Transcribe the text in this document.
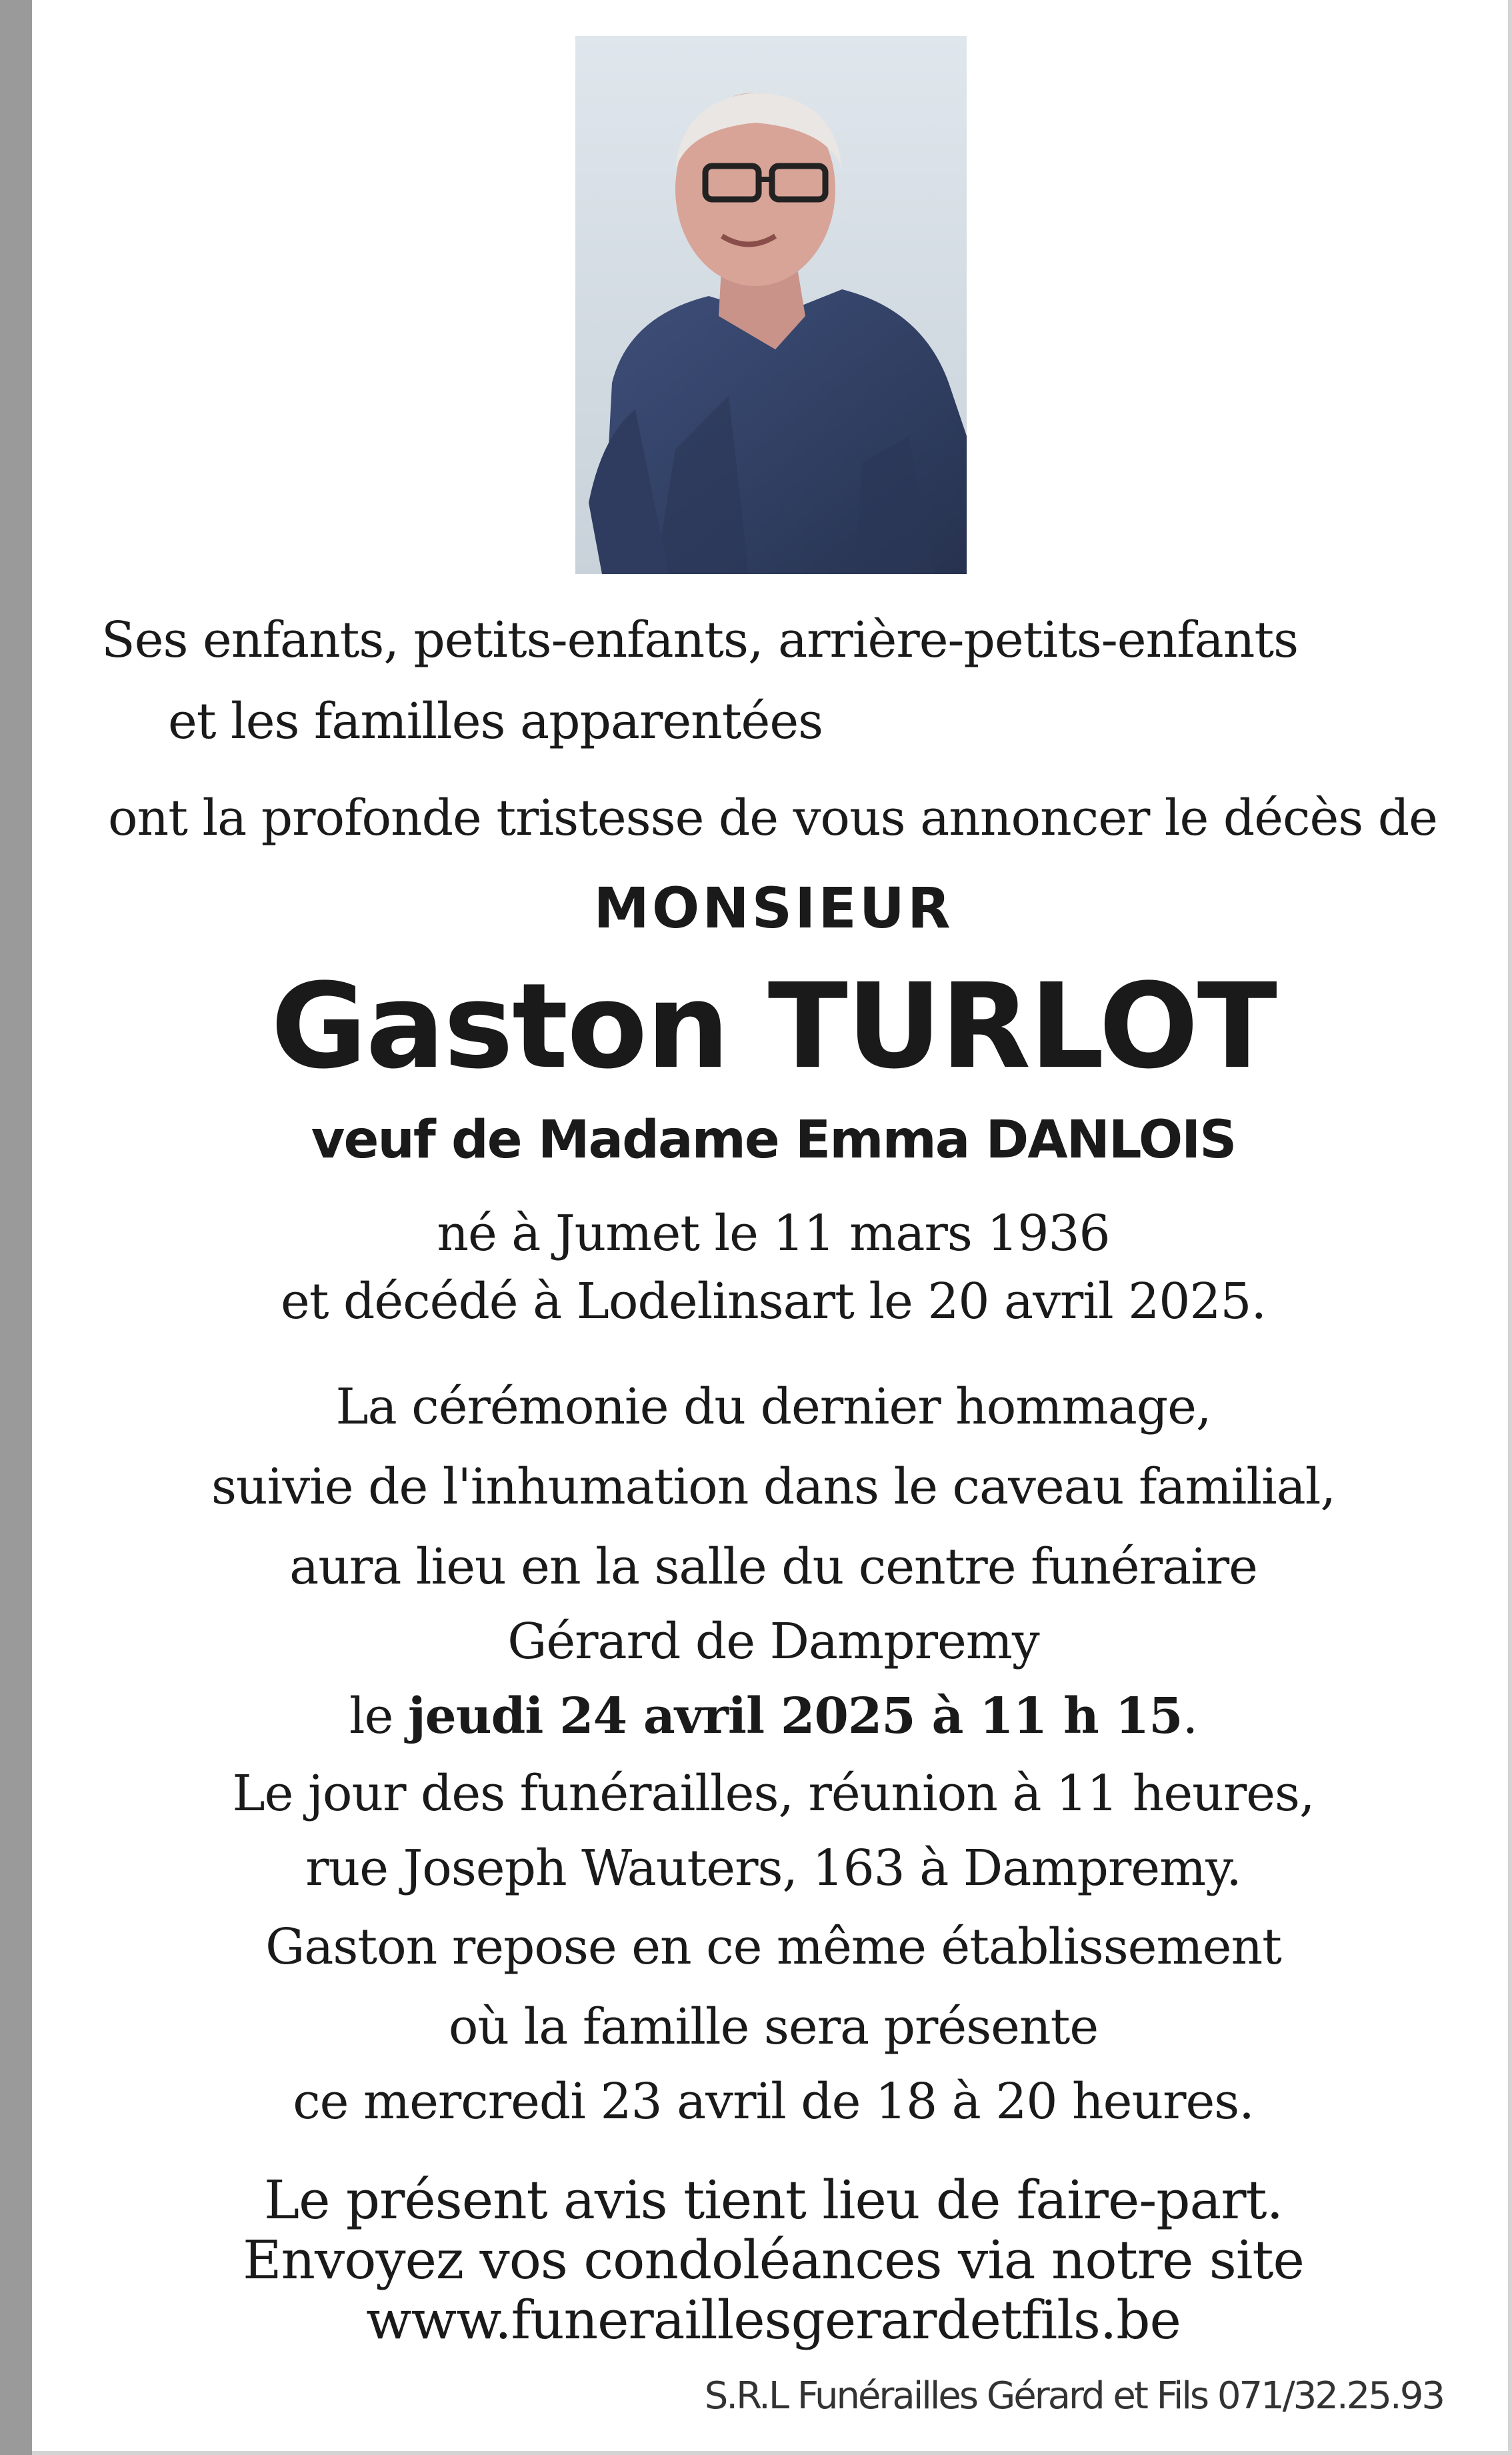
Ses enfants, petits-enfants, arrière-petits-enfants

et les familles apparentées

ont la profonde tristesse de vous annoncer le décès de

MONSIEUR

Gaston TURLOT

veuf de Madame Emma DANLOIS

né à Jumet le 11 mars 1936

et décédé à Lodelinsart le 20 avril 2025.

La cérémonie du dernier hommage,

suivie de l'inhumation dans le caveau familial,

aura lieu en la salle du centre funéraire

Gérard de Dampremy

le jeudi 24 avril 2025 à 11 h 15.

Le jour des funérailles, réunion à 11 heures,

rue Joseph Wauters, 163 à Dampremy.

Gaston repose en ce même établissement

où la famille sera présente

ce mercredi 23 avril de 18 à 20 heures.

Le présent avis tient lieu de faire-part.

Envoyez vos condoléances via notre site

www.funeraillesgerardetfils.be

S.R.L Funérailles Gérard et Fils 071/32.25.93
